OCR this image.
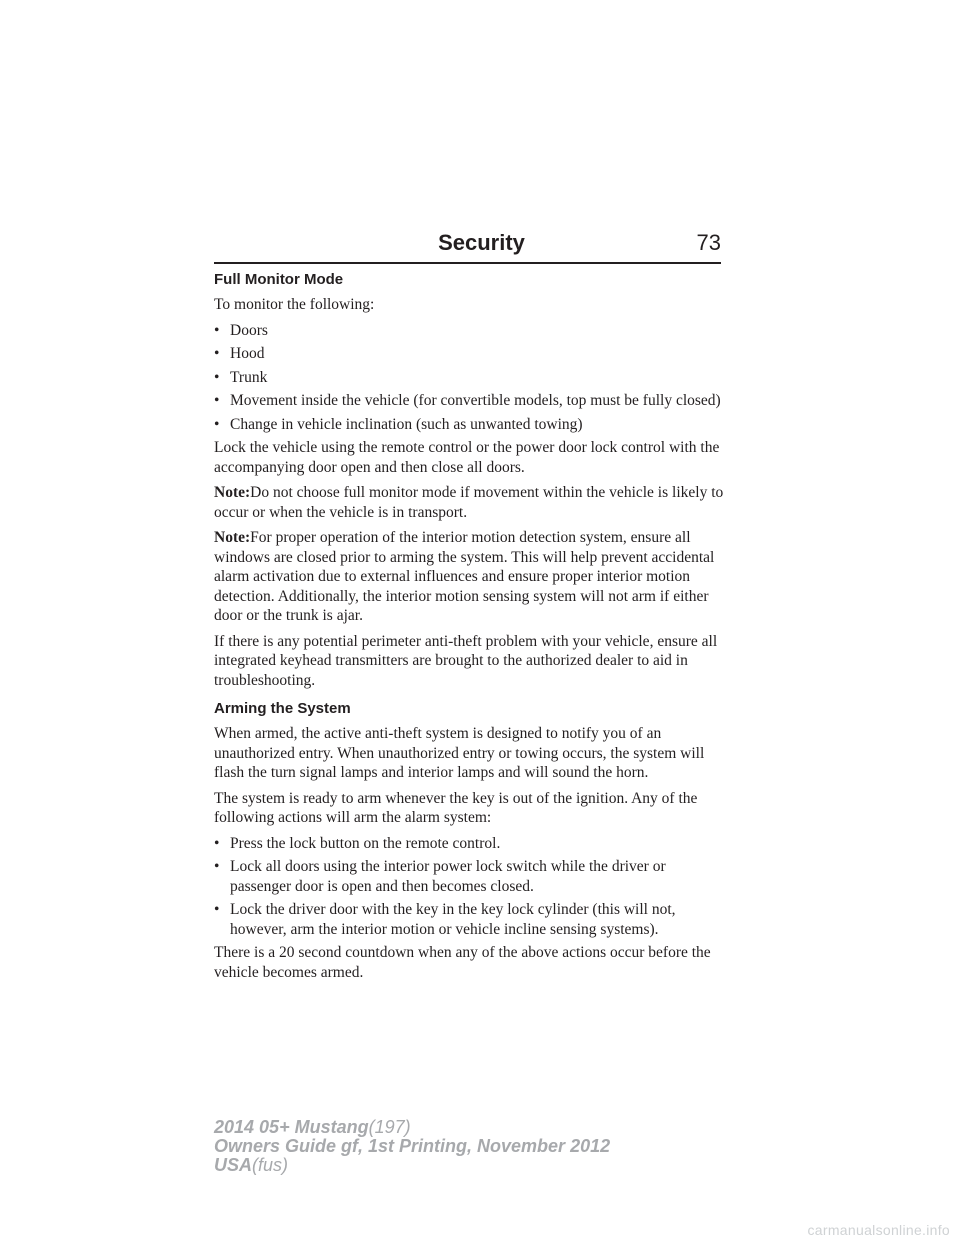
Security	73
Full Monitor Mode

To monitor the following:

• Doors
• Hood
• Trunk
• Movement inside the vehicle (for convertible models, top must be fully closed)
• Change in vehicle inclination (such as unwanted towing)

Lock the vehicle using the remote control or the power door lock control with the accompanying door open and then close all doors.

Note:Do not choose full monitor mode if movement within the vehicle is likely to occur or when the vehicle is in transport.

Note:For proper operation of the interior motion detection system, ensure all windows are closed prior to arming the system. This will help prevent accidental alarm activation due to external influences and ensure proper interior motion detection. Additionally, the interior motion sensing system will not arm if either door or the trunk is ajar.

If there is any potential perimeter anti-theft problem with your vehicle, ensure all integrated keyhead transmitters are brought to the authorized dealer to aid in troubleshooting.

Arming the System

When armed, the active anti-theft system is designed to notify you of an unauthorized entry. When unauthorized entry or towing occurs, the system will flash the turn signal lamps and interior lamps and will sound the horn.

The system is ready to arm whenever the key is out of the ignition. Any of the following actions will arm the alarm system:

• Press the lock button on the remote control.
• Lock all doors using the interior power lock switch while the driver or passenger door is open and then becomes closed.
• Lock the driver door with the key in the key lock cylinder (this will not, however, arm the interior motion or vehicle incline sensing systems).

There is a 20 second countdown when any of the above actions occur before the vehicle becomes armed.

2014 05+ Mustang(197)
Owners Guide gf, 1st Printing, November 2012
USA(fus)
carmanualsonline.info
